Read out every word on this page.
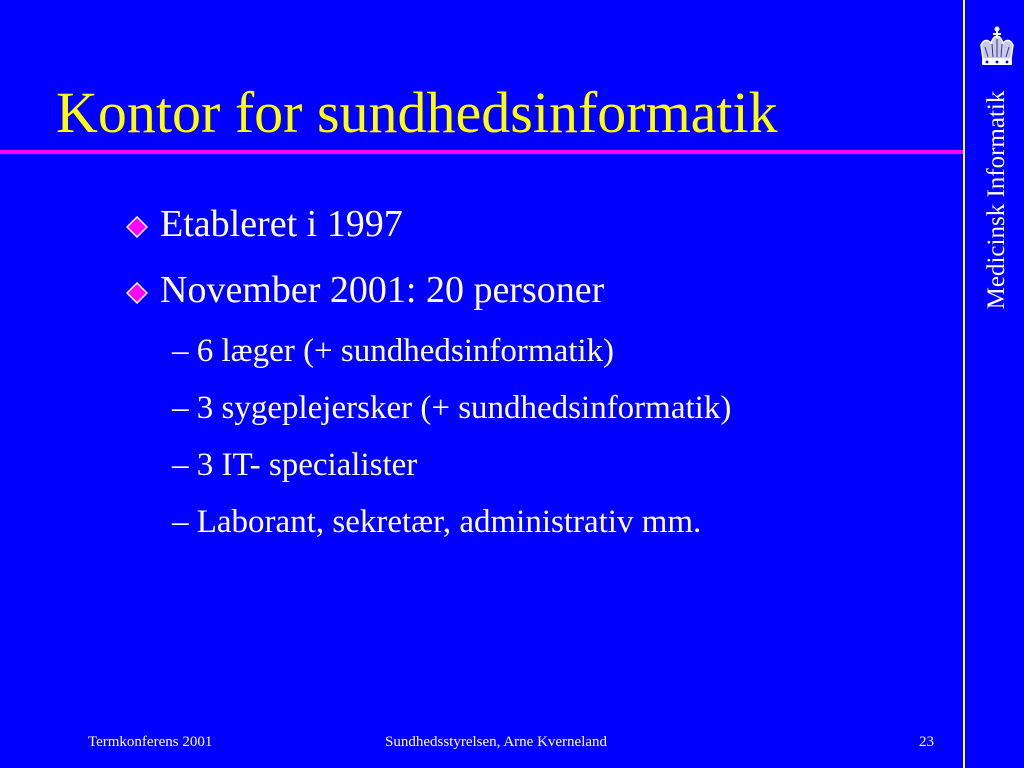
Kontor for sundhedsinformatik
Etableret i 1997
November 2001: 20 personer
– 6 læger (+ sundhedsinformatik)
– 3 sygeplejersker (+ sundhedsinformatik)
– 3 IT- specialister
– Laborant, sekretær, administrativ mm.
Medicinsk Informatik
Termkonferens 2001	Sundhedsstyrelsen, Arne Kverneland	23
